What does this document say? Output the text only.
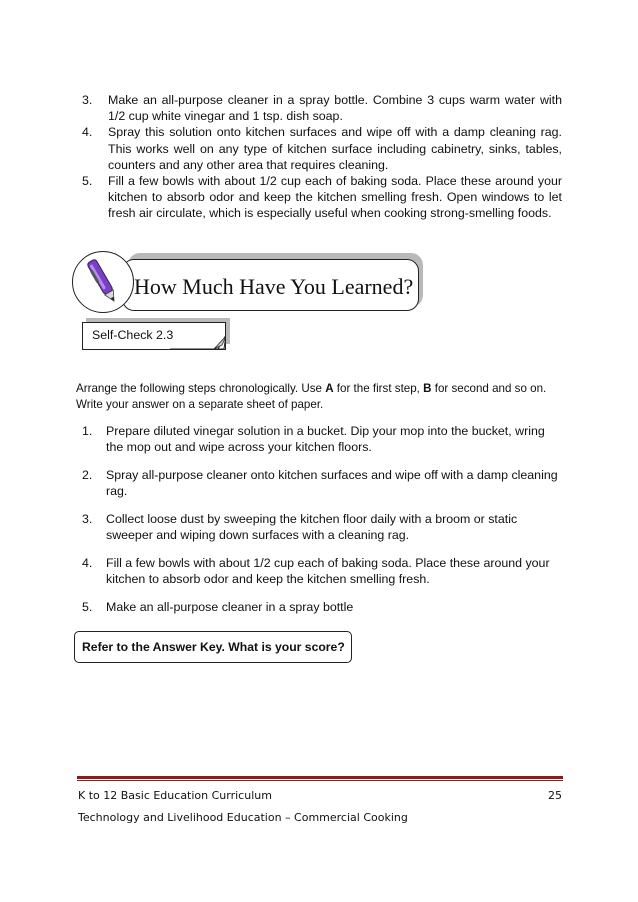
3. Make an all-purpose cleaner in a spray bottle. Combine 3 cups warm water with 1/2 cup white vinegar and 1 tsp. dish soap.
4. Spray this solution onto kitchen surfaces and wipe off with a damp cleaning rag. This works well on any type of kitchen surface including cabinetry, sinks, tables, counters and any other area that requires cleaning.
5. Fill a few bowls with about 1/2 cup each of baking soda. Place these around your kitchen to absorb odor and keep the kitchen smelling fresh. Open windows to let fresh air circulate, which is especially useful when cooking strong-smelling foods.
How Much Have You Learned?
Self-Check 2.3

Arrange the following steps chronologically. Use A for the first step, B for second and so on.
Write your answer on a separate sheet of paper.

1. Prepare diluted vinegar solution in a bucket. Dip your mop into the bucket, wring the mop out and wipe across your kitchen floors.
2. Spray all-purpose cleaner onto kitchen surfaces and wipe off with a damp cleaning rag.
3. Collect loose dust by sweeping the kitchen floor daily with a broom or static sweeper and wiping down surfaces with a cleaning rag.
4. Fill a few bowls with about 1/2 cup each of baking soda. Place these around your kitchen to absorb odor and keep the kitchen smelling fresh.
5. Make an all-purpose cleaner in a spray bottle
Refer to the Answer Key. What is your score?
K to 12 Basic Education Curriculum	25
Technology and Livelihood Education – Commercial Cooking
